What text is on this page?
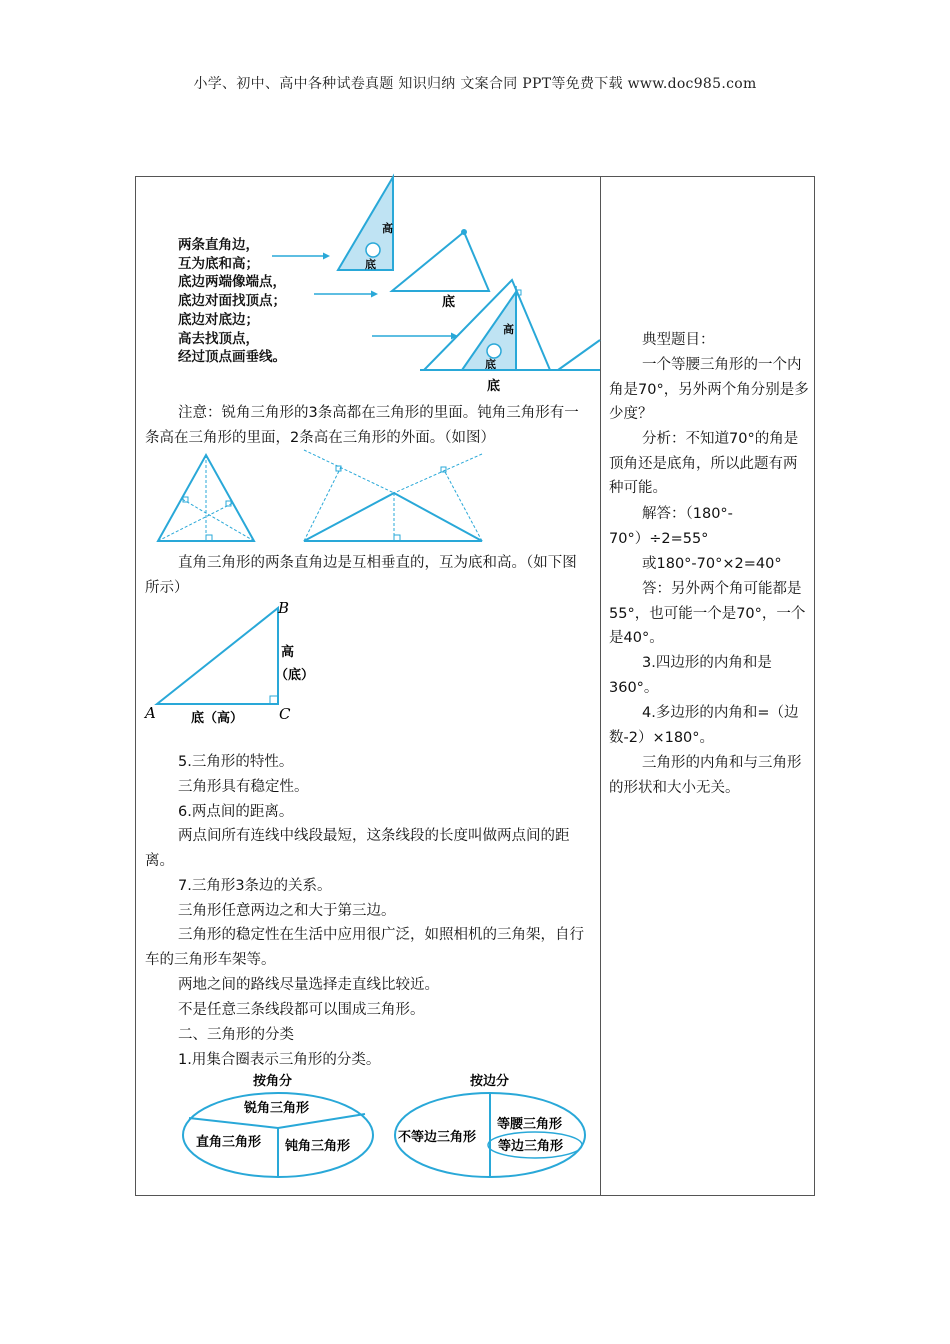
小学、初中、高中各种试卷真题 知识归纳 文案合同 PPT等免费下载 www.doc985.com
高
底
底
高
底
底
两条直角边，
互为底和高；
底边两端像端点，
底边对面找顶点；
底边对底边；
高去找顶点，
经过顶点画垂线。
注意：锐角三角形的3条高都在三角形的里面。钝角三角形有一条高在三角形的里面，2条高在三角形的外面。（如图）
直角三角形的两条直角边是互相垂直的，互为底和高。（如下图所示）
A
B
C
高
（底）
底（高）
5.三角形的特性。
三角形具有稳定性。
6.两点间的距离。
两点间所有连线中线段最短，这条线段的长度叫做两点间的距离。
7.三角形3条边的关系。
三角形任意两边之和大于第三边。
三角形的稳定性在生活中应用很广泛，如照相机的三角架，自行车的三角形车架等。
两地之间的路线尽量选择走直线比较近。
不是任意三条线段都可以围成三角形。
二、三角形的分类
1.用集合圈表示三角形的分类。
按角分
锐角三角形
直角三角形 钝角三角形
按边分
不等边三角形
等腰三角形
等边三角形
典型题目：
一个等腰三角形的一个内角是70°，另外两个角分别是多少度？
分析：不知道70°的角是顶角还是底角，所以此题有两种可能。
解答：（180°-
70°）÷2=55°
或180°-70°×2=40°
答：另外两个角可能都是55°，也可能一个是70°，一个是40°。
3.四边形的内角和是360°。
4.多边形的内角和=（边数-2）×180°。
三角形的内角和与三角形的形状和大小无关。
